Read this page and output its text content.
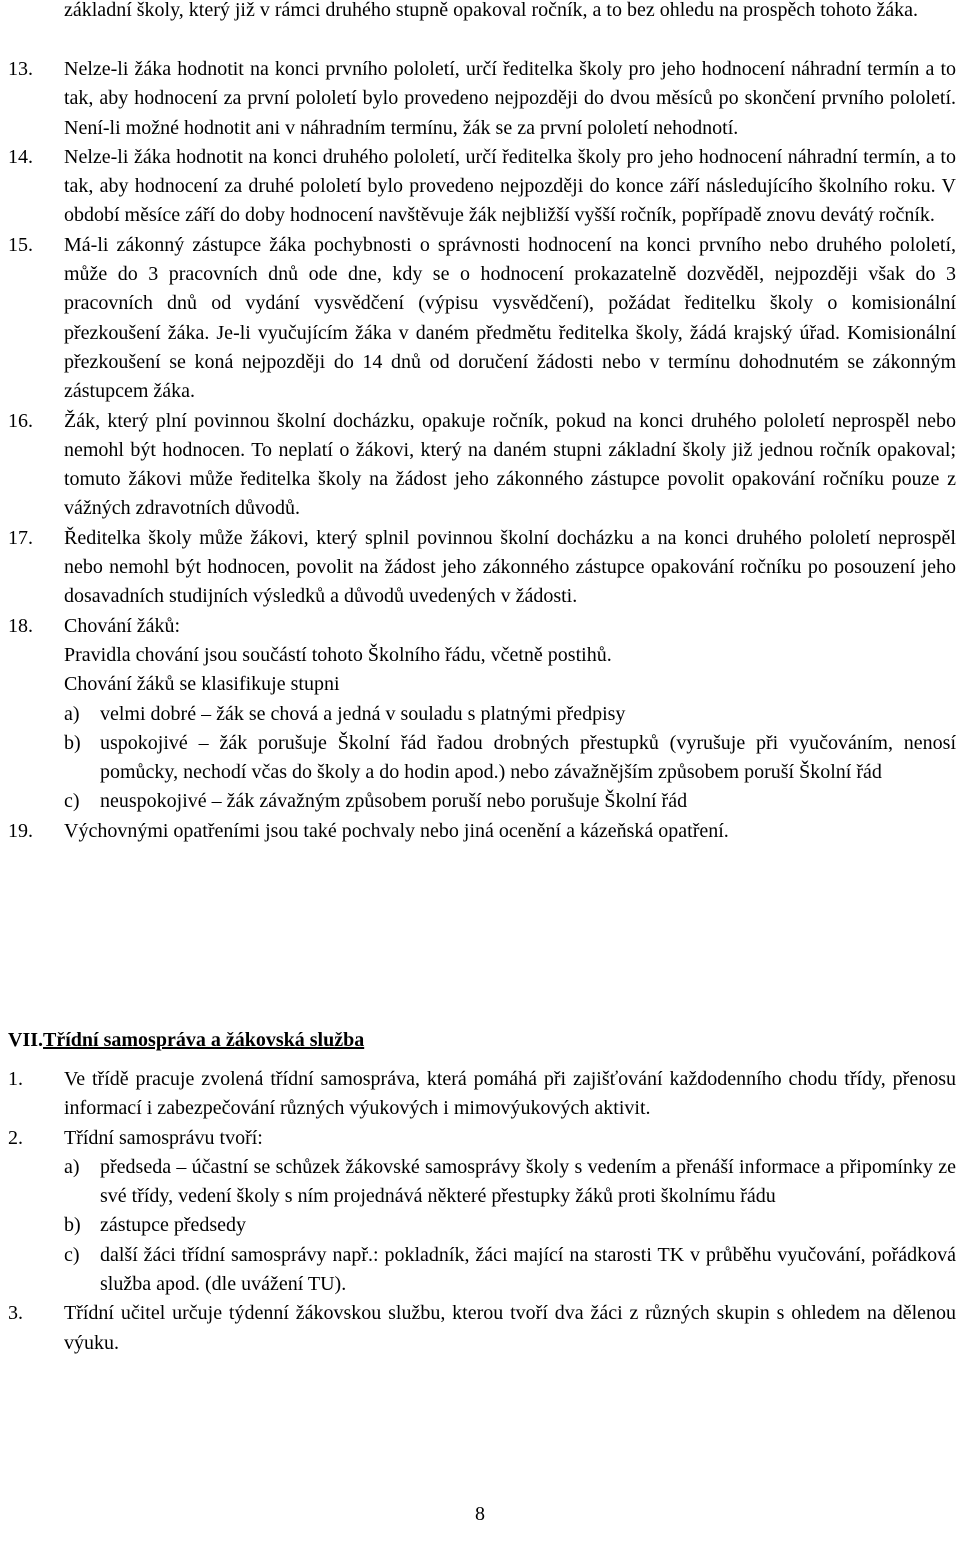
základní školy, který již v rámci druhého stupně opakoval ročník, a to bez ohledu na prospěch tohoto žáka.
13.	Nelze-li žáka hodnotit na konci prvního pololetí, určí ředitelka školy pro jeho hodnocení náhradní termín a to tak, aby hodnocení za první pololetí bylo provedeno nejpozději do dvou měsíců po skončení prvního pololetí. Není-li možné hodnotit ani v náhradním termínu, žák se za první pololetí nehodnotí.
14.	Nelze-li žáka hodnotit na konci druhého pololetí, určí ředitelka školy pro jeho hodnocení náhradní termín, a to tak, aby hodnocení za druhé pololetí bylo provedeno nejpozději do konce září následujícího školního roku. V období měsíce září do doby hodnocení navštěvuje žák nejbližší vyšší ročník, popřípadě znovu devátý ročník.
15.	Má-li zákonný zástupce žáka pochybnosti o správnosti hodnocení na konci prvního nebo druhého pololetí, může do 3 pracovních dnů ode dne, kdy se o hodnocení prokazatelně dozvěděl, nejpozději však do 3 pracovních dnů od vydání vysvědčení (výpisu vysvědčení), požádat ředitelku školy o komisionální přezkoušení žáka. Je-li vyučujícím žáka v daném předmětu ředitelka školy, žádá krajský úřad. Komisionální přezkoušení se koná nejpozději do 14 dnů od doručení žádosti nebo v termínu dohodnutém se zákonným zástupcem žáka.
16.	Žák, který plní povinnou školní docházku, opakuje ročník, pokud na konci druhého pololetí neprospěl nebo nemohl být hodnocen. To neplatí o žákovi, který na daném stupni základní školy již jednou ročník opakoval; tomuto žákovi může ředitelka školy na žádost jeho zákonného zástupce povolit opakování ročníku pouze z vážných zdravotních důvodů.
17.	Ředitelka školy může žákovi, který splnil povinnou školní docházku a na konci druhého pololetí neprospěl nebo nemohl být hodnocen, povolit na žádost jeho zákonného zástupce opakování ročníku po posouzení jeho dosavadních studijních výsledků a důvodů uvedených v žádosti.
18.	Chování žáků:
Pravidla chování jsou součástí tohoto Školního řádu, včetně postihů.
Chování žáků se klasifikuje stupni
a)	velmi dobré – žák se chová a jedná v souladu s platnými předpisy
b) uspokojivé – žák porušuje Školní řád řadou drobných přestupků (vyrušuje při vyučováním, nenosí pomůcky, nechodí včas do školy a do hodin apod.) nebo závažnějším způsobem poruší Školní řád
c)	neuspokojivé – žák závažným způsobem poruší nebo porušuje Školní řád
19.	Výchovnými opatřeními jsou také pochvaly nebo jiná ocenění a kázeňská opatření.
VII.Třídní samospráva a žákovská služba
1.	Ve třídě pracuje zvolená třídní samospráva, která pomáhá při zajišťování každodenního chodu třídy, přenosu informací i zabezpečování různých výukových i mimovýukových aktivit.
2.	Třídní samosprávu tvoří:
a)	předseda – účastní se schůzek žákovské samosprávy školy s vedením a přenáší informace a připomínky ze své třídy, vedení školy s ním projednává některé přestupky žáků proti školnímu řádu
b) zástupce předsedy
c)	další žáci třídní samosprávy např.: pokladník, žáci mající na starosti TK v průběhu vyučování, pořádková služba apod. (dle uvážení TU).
3.	Třídní učitel určuje týdenní žákovskou službu, kterou tvoří dva žáci z různých skupin s ohledem na dělenou výuku.
8
